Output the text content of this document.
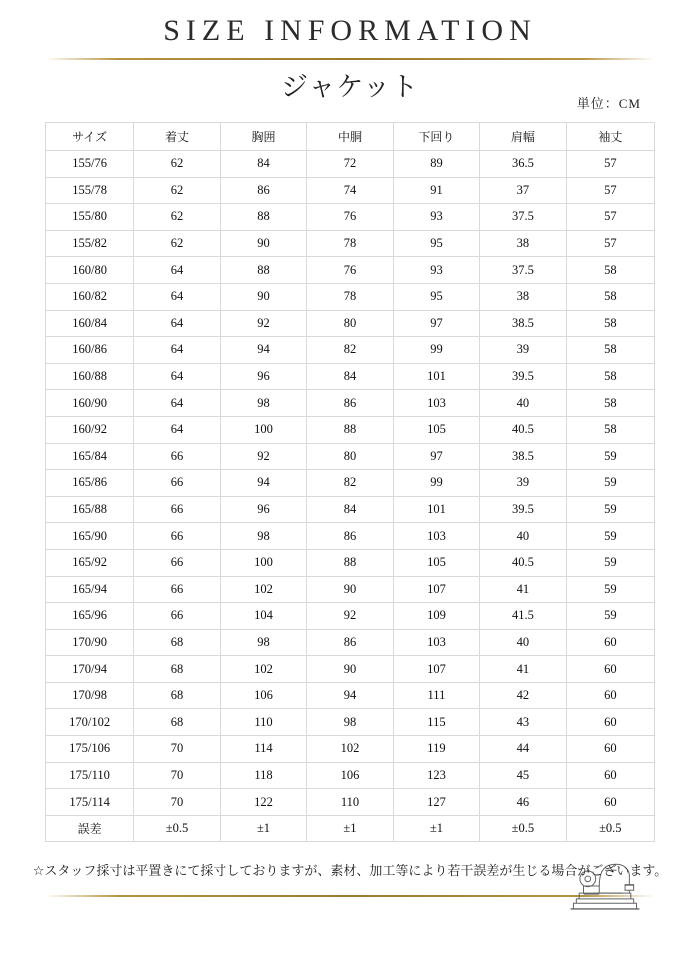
SIZE INFORMATION
ジャケット
単位：CM
サイズ	着丈	胸囲	中胴	下回り	肩幅	袖丈
155/76	62	84	72	89	36.5	57
155/78	62	86	74	91	37	57
155/80	62	88	76	93	37.5	57
155/82	62	90	78	95	38	57
160/80	64	88	76	93	37.5	58
160/82	64	90	78	95	38	58
160/84	64	92	80	97	38.5	58
160/86	64	94	82	99	39	58
160/88	64	96	84	101	39.5	58
160/90	64	98	86	103	40	58
160/92	64	100	88	105	40.5	58
165/84	66	92	80	97	38.5	59
165/86	66	94	82	99	39	59
165/88	66	96	84	101	39.5	59
165/90	66	98	86	103	40	59
165/92	66	100	88	105	40.5	59
165/94	66	102	90	107	41	59
165/96	66	104	92	109	41.5	59
170/90	68	98	86	103	40	60
170/94	68	102	90	107	41	60
170/98	68	106	94	111	42	60
170/102	68	110	98	115	43	60
175/106	70	114	102	119	44	60
175/110	70	118	106	123	45	60
175/114	70	122	110	127	46	60
誤差	±0.5	±1	±1	±1	±0.5	±0.5
☆スタッフ採寸は平置きにて採寸しておりますが、素材、加工等により若干誤差が生じる場合がございます。
